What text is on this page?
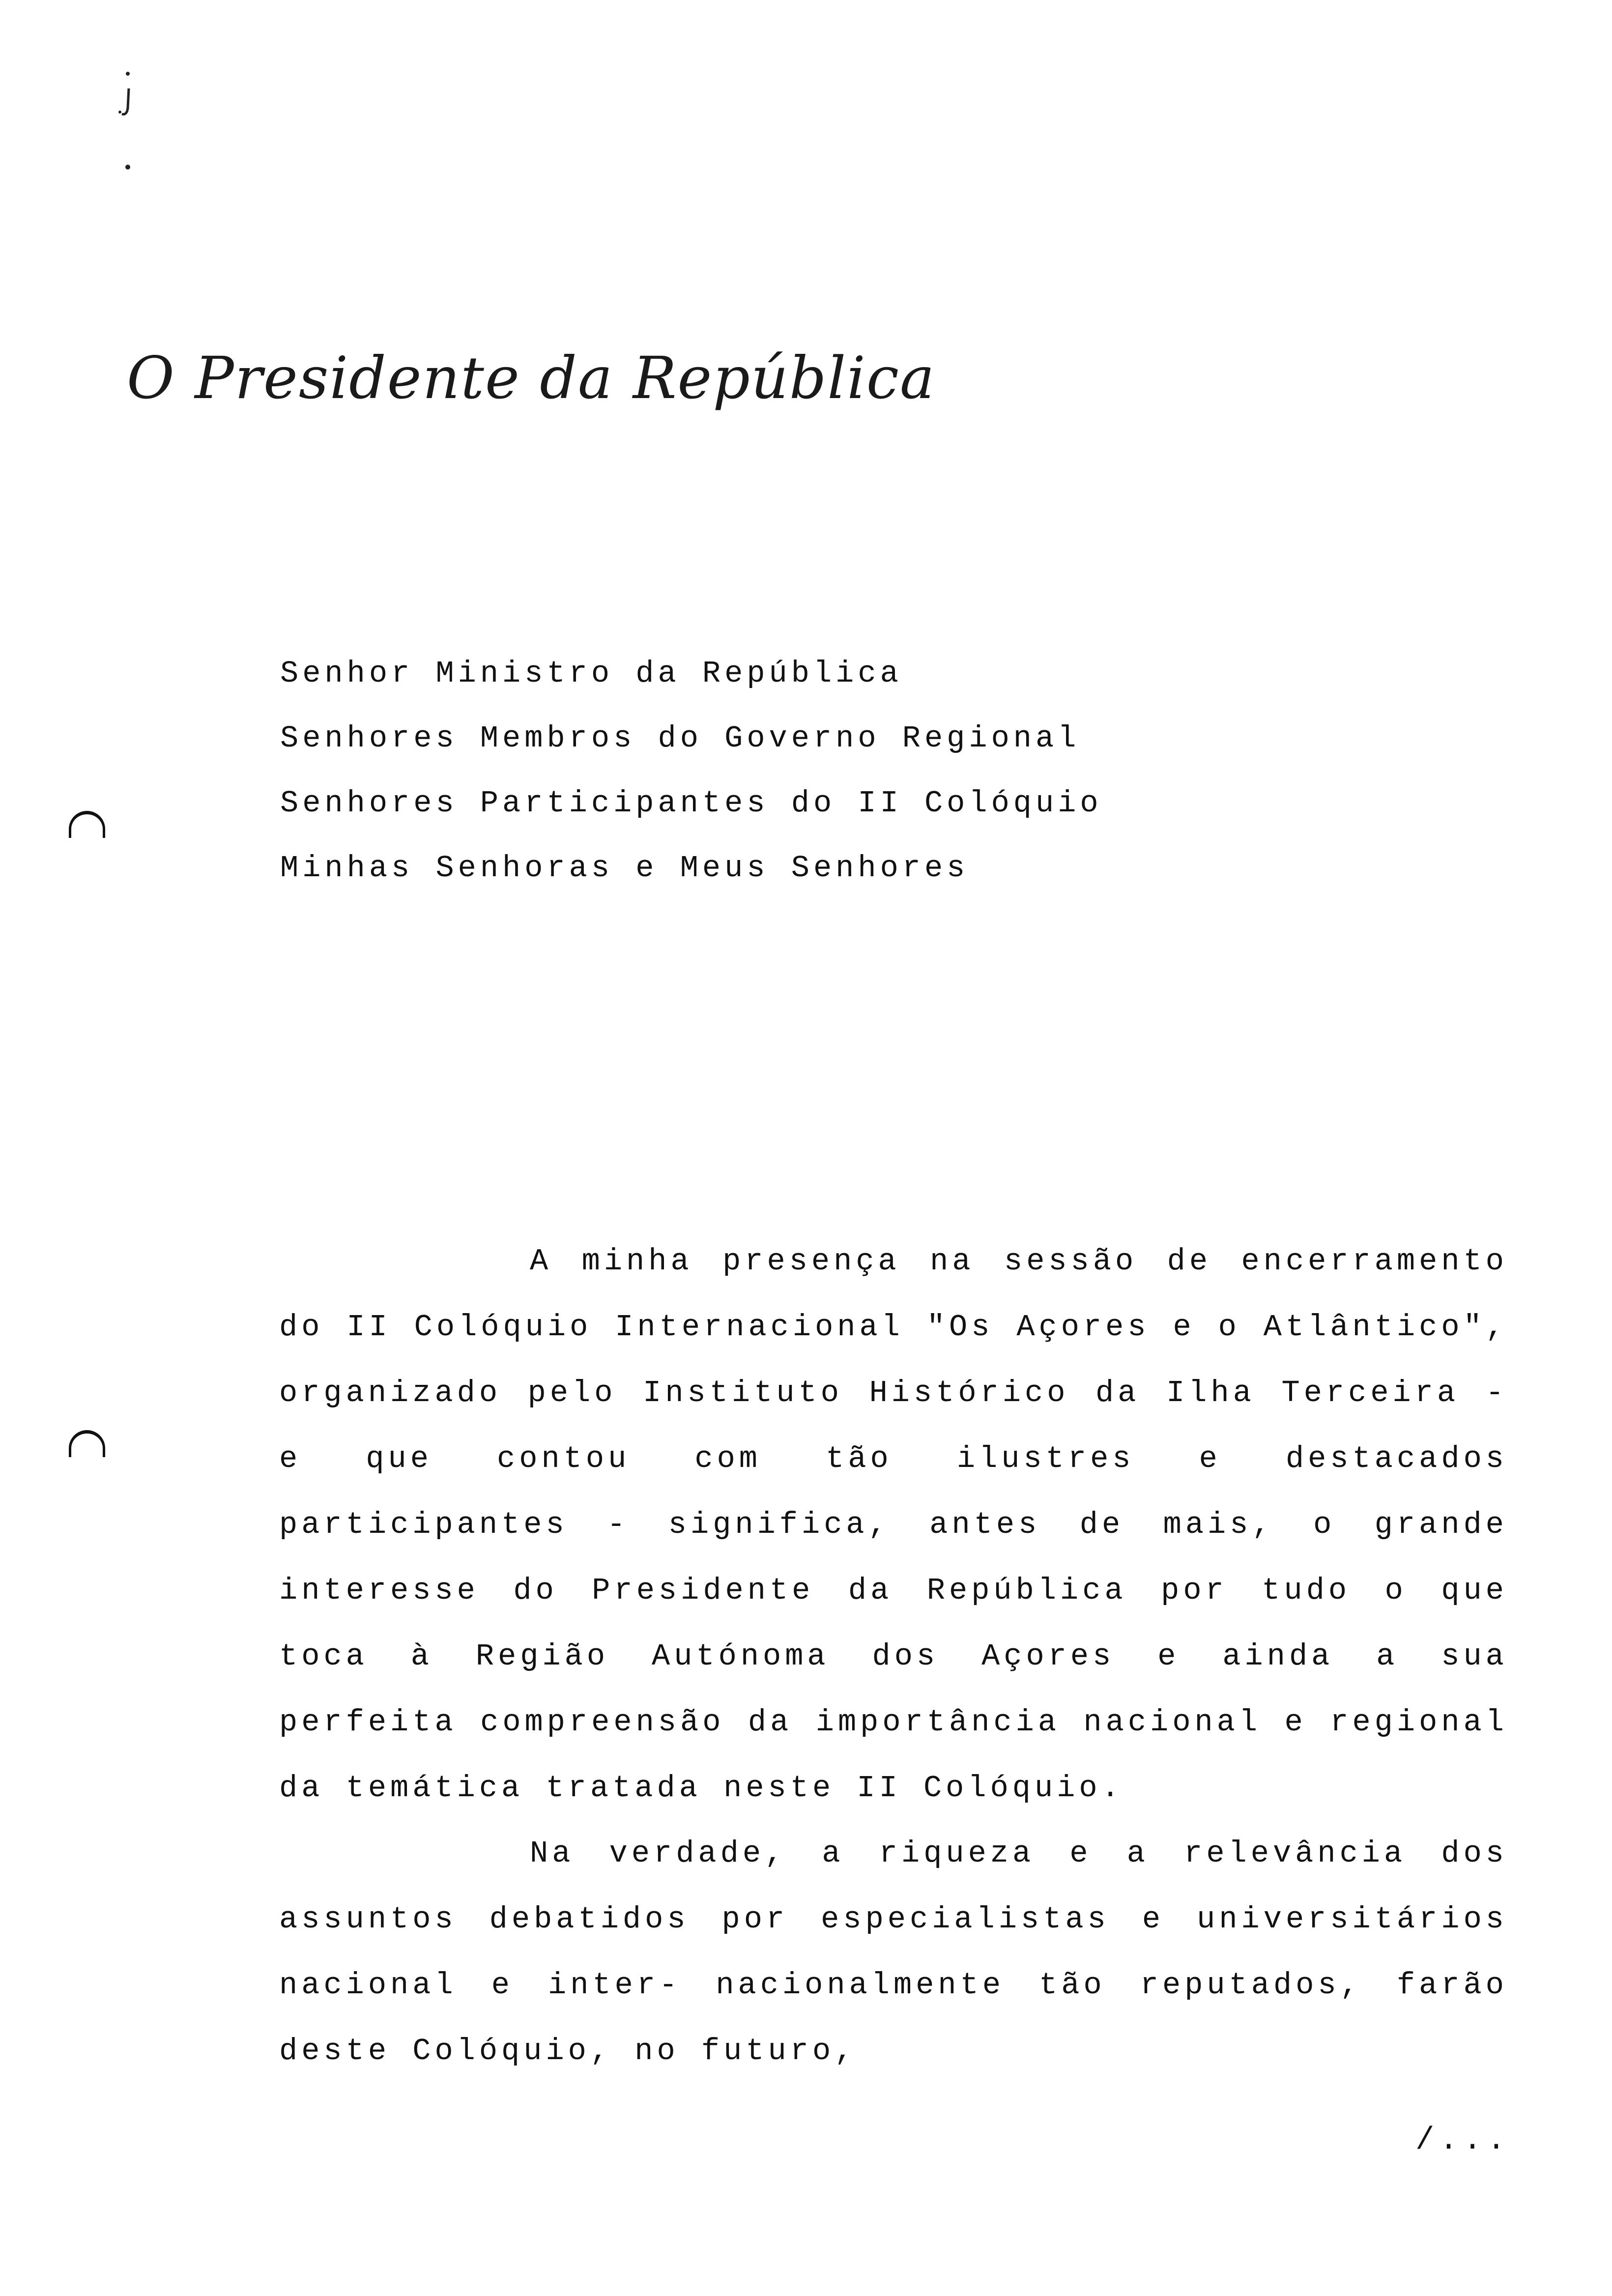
O Presidente da República
Senhor Ministro da República
Senhores Membros do Governo Regional
Senhores Participantes do II Colóquio
Minhas Senhoras e Meus Senhores

A minha presença na sessão de encerramento do II Colóquio Internacional "Os Açores e o Atlântico", organizado pelo Instituto Histórico da Ilha Terceira - e que contou com tão ilustres e destacados participantes - significa, antes de mais, o grande interesse do Presidente da República por tudo o que toca à Região Autónoma dos Açores e ainda a sua perfeita compreensão da importância nacional e regional da temática tratada neste II Colóquio.

Na verdade, a riqueza e a relevância dos assuntos debatidos por especialistas e universitários nacional e inter- nacionalmente tão reputados, farão deste Colóquio, no futuro,

/...
